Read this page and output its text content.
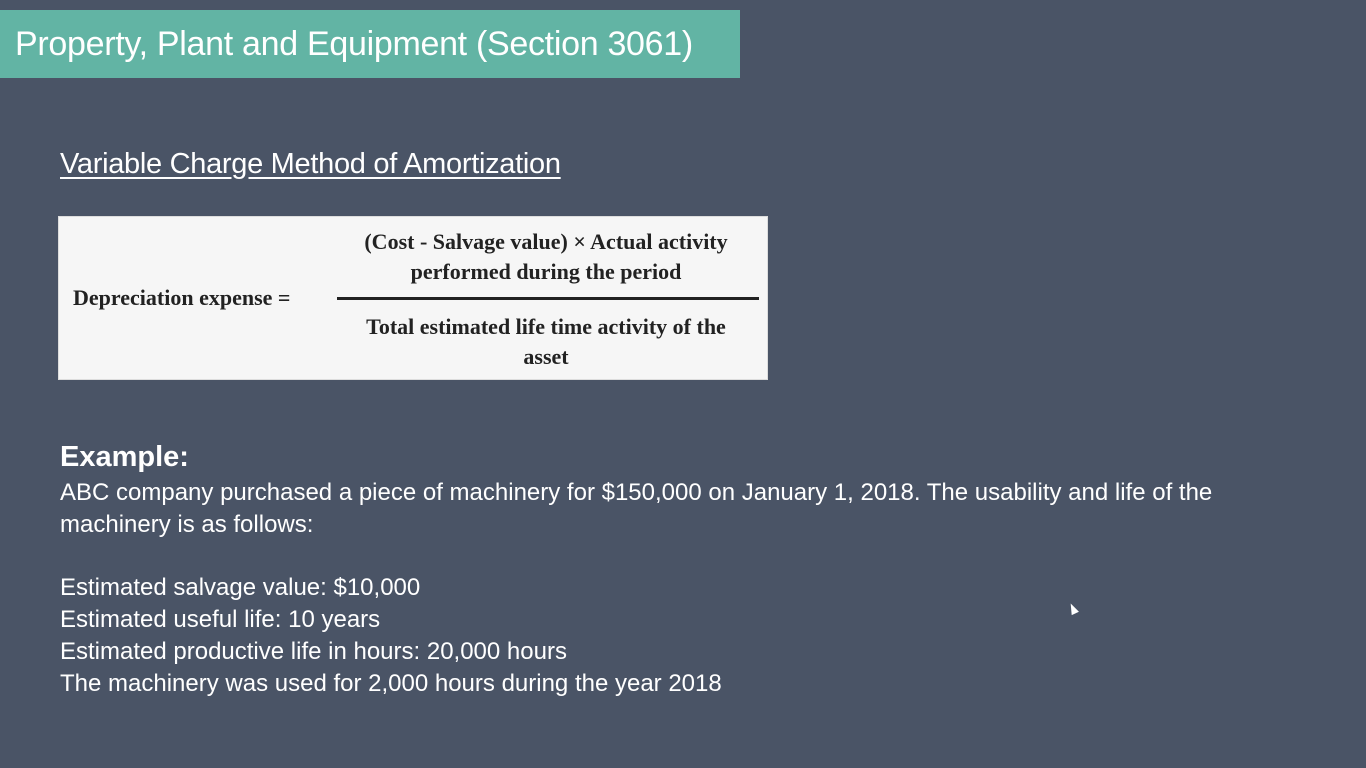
Property, Plant and Equipment (Section 3061)
Variable Charge Method of Amortization
Depreciation expense =
(Cost - Salvage value) × Actual activity
performed during the period
Total estimated life time activity of the
asset
Example:
ABC company purchased a piece of machinery for $150,000 on January 1, 2018. The usability and life of the machinery is as follows:
Estimated salvage value: $10,000
Estimated useful life: 10 years
Estimated productive life in hours: 20,000 hours
The machinery was used for 2,000 hours during the year 2018
